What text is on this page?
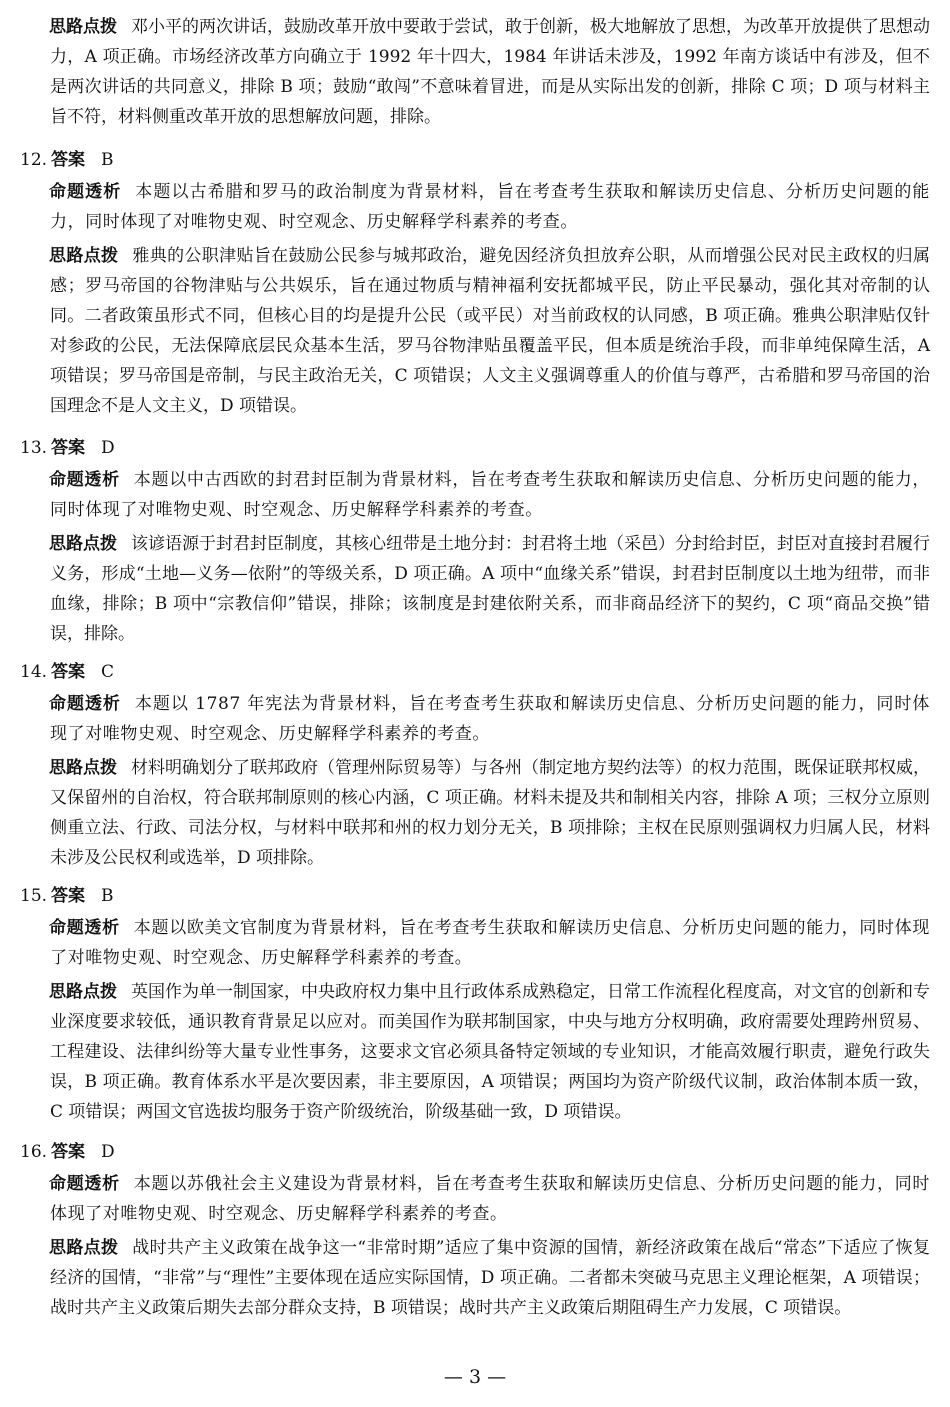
思路点拨 邓小平的两次讲话，鼓励改革开放中要敢于尝试，敢于创新，极大地解放了思想，为改革开放提供了思想动力，A 项正确。市场经济改革方向确立于 1992 年十四大，1984 年讲话未涉及，1992 年南方谈话中有涉及，但不是两次讲话的共同意义，排除 B 项；鼓励“敢闯”不意味着冒进，而是从实际出发的创新，排除 C 项；D 项与材料主旨不符，材料侧重改革开放的思想解放问题，排除。

12. 答案 B

命题透析 本题以古希腊和罗马的政治制度为背景材料，旨在考查考生获取和解读历史信息、分析历史问题的能力，同时体现了对唯物史观、时空观念、历史解释学科素养的考查。

思路点拨 雅典的公职津贴旨在鼓励公民参与城邦政治，避免因经济负担放弃公职，从而增强公民对民主政权的归属感；罗马帝国的谷物津贴与公共娱乐，旨在通过物质与精神福利安抚都城平民，防止平民暴动，强化其对帝制的认同。二者政策虽形式不同，但核心目的均是提升公民（或平民）对当前政权的认同感，B 项正确。雅典公职津贴仅针对参政的公民，无法保障底层民众基本生活，罗马谷物津贴虽覆盖平民，但本质是统治手段，而非单纯保障生活，A 项错误；罗马帝国是帝制，与民主政治无关，C 项错误；人文主义强调尊重人的价值与尊严，古希腊和罗马帝国的治国理念不是人文主义，D 项错误。

13. 答案 D

命题透析 本题以中古西欧的封君封臣制为背景材料，旨在考查考生获取和解读历史信息、分析历史问题的能力，同时体现了对唯物史观、时空观念、历史解释学科素养的考查。

思路点拨 该谚语源于封君封臣制度，其核心纽带是土地分封：封君将土地（采邑）分封给封臣，封臣对直接封君履行义务，形成“土地—义务—依附”的等级关系，D 项正确。A 项中“血缘关系”错误，封君封臣制度以土地为纽带，而非血缘，排除；B 项中“宗教信仰”错误，排除；该制度是封建依附关系，而非商品经济下的契约，C 项“商品交换”错误，排除。

14. 答案 C

命题透析 本题以 1787 年宪法为背景材料，旨在考查考生获取和解读历史信息、分析历史问题的能力，同时体现了对唯物史观、时空观念、历史解释学科素养的考查。

思路点拨 材料明确划分了联邦政府（管理州际贸易等）与各州（制定地方契约法等）的权力范围，既保证联邦权威，又保留州的自治权，符合联邦制原则的核心内涵，C 项正确。材料未提及共和制相关内容，排除 A 项；三权分立原则侧重立法、行政、司法分权，与材料中联邦和州的权力划分无关，B 项排除；主权在民原则强调权力归属人民，材料未涉及公民权利或选举，D 项排除。

15. 答案 B

命题透析 本题以欧美文官制度为背景材料，旨在考查考生获取和解读历史信息、分析历史问题的能力，同时体现了对唯物史观、时空观念、历史解释学科素养的考查。

思路点拨 英国作为单一制国家，中央政府权力集中且行政体系成熟稳定，日常工作流程化程度高，对文官的创新和专业深度要求较低，通识教育背景足以应对。而美国作为联邦制国家，中央与地方分权明确，政府需要处理跨州贸易、工程建设、法律纠纷等大量专业性事务，这要求文官必须具备特定领域的专业知识，才能高效履行职责，避免行政失误，B 项正确。教育体系水平是次要因素，非主要原因，A 项错误；两国均为资产阶级代议制，政治体制本质一致，C 项错误；两国文官选拔均服务于资产阶级统治，阶级基础一致，D 项错误。

16. 答案 D

命题透析 本题以苏俄社会主义建设为背景材料，旨在考查考生获取和解读历史信息、分析历史问题的能力，同时体现了对唯物史观、时空观念、历史解释学科素养的考查。

思路点拨 战时共产主义政策在战争这一“非常时期”适应了集中资源的国情，新经济政策在战后“常态”下适应了恢复经济的国情，“非常”与“理性”主要体现在适应实际国情，D 项正确。二者都未突破马克思主义理论框架，A 项错误；战时共产主义政策后期失去部分群众支持，B 项错误；战时共产主义政策后期阻碍生产力发展，C 项错误。

— 3 —
